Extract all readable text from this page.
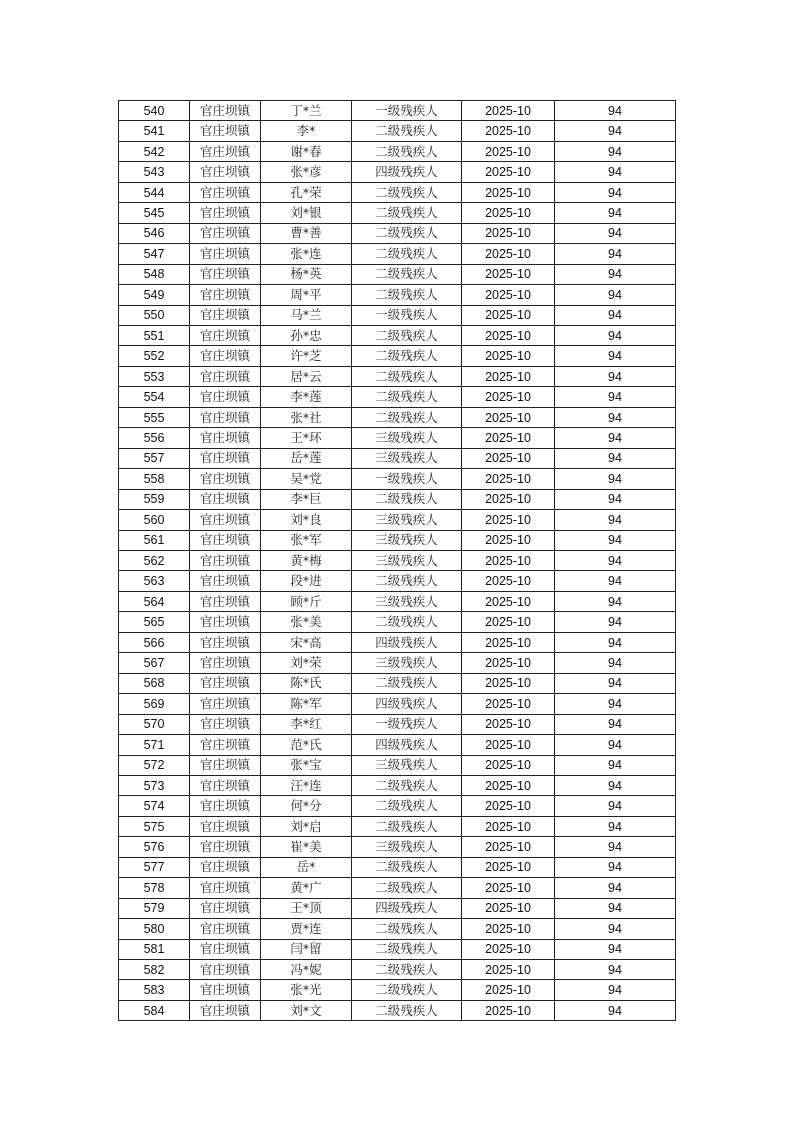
540	官庄坝镇	丁*兰	一级残疾人	2025-10	94
541	官庄坝镇	李*	二级残疾人	2025-10	94
542	官庄坝镇	谢*春	二级残疾人	2025-10	94
543	官庄坝镇	张*彦	四级残疾人	2025-10	94
544	官庄坝镇	孔*荣	二级残疾人	2025-10	94
545	官庄坝镇	刘*银	二级残疾人	2025-10	94
546	官庄坝镇	曹*善	二级残疾人	2025-10	94
547	官庄坝镇	张*连	二级残疾人	2025-10	94
548	官庄坝镇	杨*英	二级残疾人	2025-10	94
549	官庄坝镇	周*平	二级残疾人	2025-10	94
550	官庄坝镇	马*兰	一级残疾人	2025-10	94
551	官庄坝镇	孙*忠	二级残疾人	2025-10	94
552	官庄坝镇	许*芝	二级残疾人	2025-10	94
553	官庄坝镇	居*云	二级残疾人	2025-10	94
554	官庄坝镇	李*莲	二级残疾人	2025-10	94
555	官庄坝镇	张*社	二级残疾人	2025-10	94
556	官庄坝镇	王*环	三级残疾人	2025-10	94
557	官庄坝镇	岳*莲	三级残疾人	2025-10	94
558	官庄坝镇	吴*党	一级残疾人	2025-10	94
559	官庄坝镇	李*巨	二级残疾人	2025-10	94
560	官庄坝镇	刘*良	三级残疾人	2025-10	94
561	官庄坝镇	张*军	三级残疾人	2025-10	94
562	官庄坝镇	黄*梅	三级残疾人	2025-10	94
563	官庄坝镇	段*进	二级残疾人	2025-10	94
564	官庄坝镇	顾*斤	三级残疾人	2025-10	94
565	官庄坝镇	张*美	二级残疾人	2025-10	94
566	官庄坝镇	宋*高	四级残疾人	2025-10	94
567	官庄坝镇	刘*荣	三级残疾人	2025-10	94
568	官庄坝镇	陈*氏	二级残疾人	2025-10	94
569	官庄坝镇	陈*军	四级残疾人	2025-10	94
570	官庄坝镇	李*红	一级残疾人	2025-10	94
571	官庄坝镇	范*氏	四级残疾人	2025-10	94
572	官庄坝镇	张*宝	三级残疾人	2025-10	94
573	官庄坝镇	汪*连	二级残疾人	2025-10	94
574	官庄坝镇	何*分	二级残疾人	2025-10	94
575	官庄坝镇	刘*启	二级残疾人	2025-10	94
576	官庄坝镇	崔*美	三级残疾人	2025-10	94
577	官庄坝镇	岳*	二级残疾人	2025-10	94
578	官庄坝镇	黄*广	二级残疾人	2025-10	94
579	官庄坝镇	王*顶	四级残疾人	2025-10	94
580	官庄坝镇	贾*连	二级残疾人	2025-10	94
581	官庄坝镇	闫*留	二级残疾人	2025-10	94
582	官庄坝镇	冯*妮	二级残疾人	2025-10	94
583	官庄坝镇	张*光	二级残疾人	2025-10	94
584	官庄坝镇	刘*文	二级残疾人	2025-10	94
